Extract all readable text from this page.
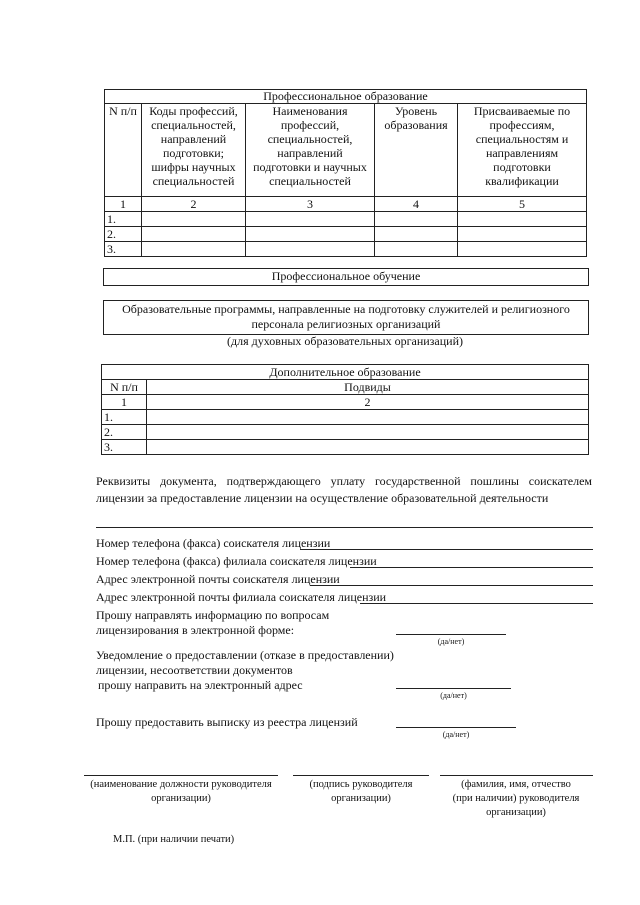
Профессиональное образование				
N п/п	Коды профессий, специальностей, направлений подготовки; шифры научных специальностей	Наименования профессий, специальностей, направлений подготовки и научных специальностей	Уровень образования	Присваиваемые по профессиям, специальностям и направлениям подготовки квалификации
1	2	3	4	5
1.				
2.				
3.				
Профессиональное обучение
Образовательные программы, направленные на подготовку служителей и религиозного персонала религиозных организаций
(для духовных образовательных организаций)
Дополнительное образование	
N п/п	Подвиды
1	2
1.	
2.	
3.	
Реквизиты документа, подтверждающего уплату государственной пошлины соискателем лицензии за предоставление лицензии на осуществление образовательной деятельности
Номер телефона (факса) соискателя лицензии
Номер телефона (факса) филиала соискателя лицензии
Адрес электронной почты соискателя лицензии
Адрес электронной почты филиала соискателя лицензии
Прошу направлять информацию по вопросам
лицензирования в электронной форме:
(да/нет)
Уведомление о предоставлении (отказе в предоставлении)
лицензии, несоответствии документов
прошу направить на электронный адрес
(да/нет)
Прошу предоставить выписку из реестра лицензий
(да/нет)
(наименование должности руководителя
организации)
(подпись руководителя
организации)
(фамилия, имя, отчество
(при наличии) руководителя
организации)
М.П. (при наличии печати)
